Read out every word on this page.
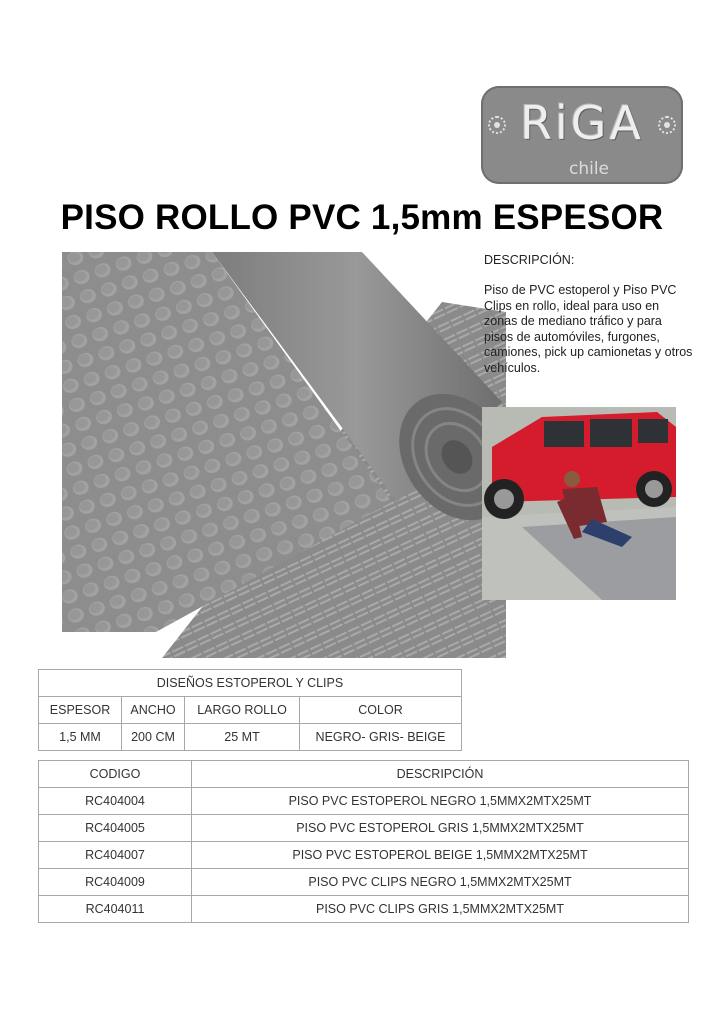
RiGA
chile
PISO ROLLO PVC 1,5mm ESPESOR
DESCRIPCIÓN:
Piso de PVC estoperol y Piso PVC Clips en rollo, ideal para uso en zonas de mediano tráfico y para pisos de automóviles, furgones, camiones, pick up camionetas y otros vehículos.
DISEÑOS ESTOPEROL Y CLIPS			
ESPESOR	ANCHO	LARGO ROLLO	COLOR
1,5 MM	200 CM	25 MT	NEGRO- GRIS- BEIGE
CODIGO	DESCRIPCIÓN
RC404004	PISO PVC ESTOPEROL NEGRO 1,5MMX2MTX25MT
RC404005	PISO PVC ESTOPEROL GRIS 1,5MMX2MTX25MT
RC404007	PISO PVC ESTOPEROL BEIGE 1,5MMX2MTX25MT
RC404009	PISO PVC CLIPS NEGRO 1,5MMX2MTX25MT
RC404011	PISO PVC CLIPS GRIS 1,5MMX2MTX25MT
